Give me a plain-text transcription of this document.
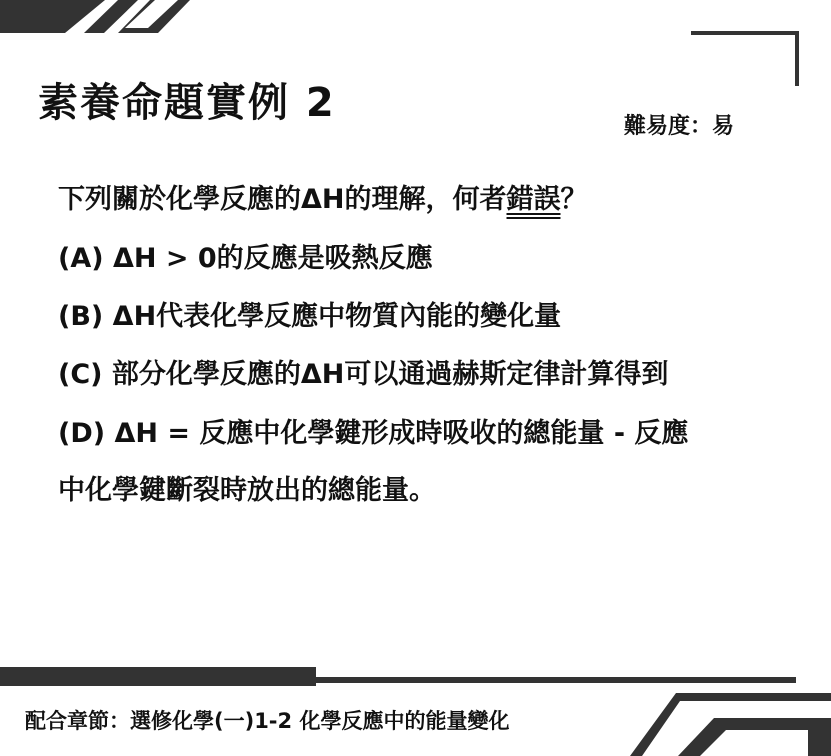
素養命題實例 2
難易度：易
下列關於化學反應的ΔH的理解，何者錯誤？
(A) ΔH > 0的反應是吸熱反應
(B) ΔH代表化學反應中物質內能的變化量
(C) 部分化學反應的ΔH可以通過赫斯定律計算得到
(D) ΔH = 反應中化學鍵形成時吸收的總能量 - 反應
中化學鍵斷裂時放出的總能量。
配合章節：選修化學(一)1-2 化學反應中的能量變化
